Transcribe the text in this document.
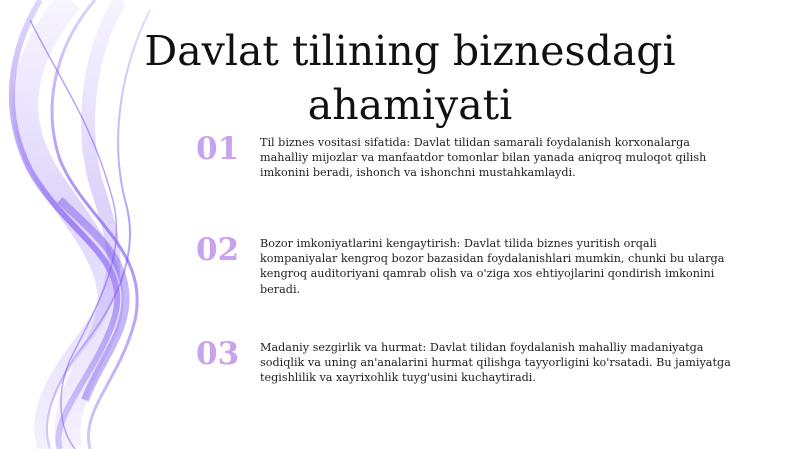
Davlat tilining biznesdagi ahamiyati
01	Til biznes vositasi sifatida: Davlat tilidan samarali foydalanish korxonalarga mahalliy mijozlar va manfaatdor tomonlar bilan yanada aniqroq muloqot qilish imkonini beradi, ishonch va ishonchni mustahkamlaydi.

02	Bozor imkoniyatlarini kengaytirish: Davlat tilida biznes yuritish orqali kompaniyalar kengroq bozor bazasidan foydalanishlari mumkin, chunki bu ularga kengroq auditoriyani qamrab olish va o'ziga xos ehtiyojlarini qondirish imkonini beradi.

03	Madaniy sezgirlik va hurmat: Davlat tilidan foydalanish mahalliy madaniyatga sodiqlik va uning an'analarini hurmat qilishga tayyorligini ko'rsatadi. Bu jamiyatga tegishlilik va xayrixohlik tuyg'usini kuchaytiradi.
